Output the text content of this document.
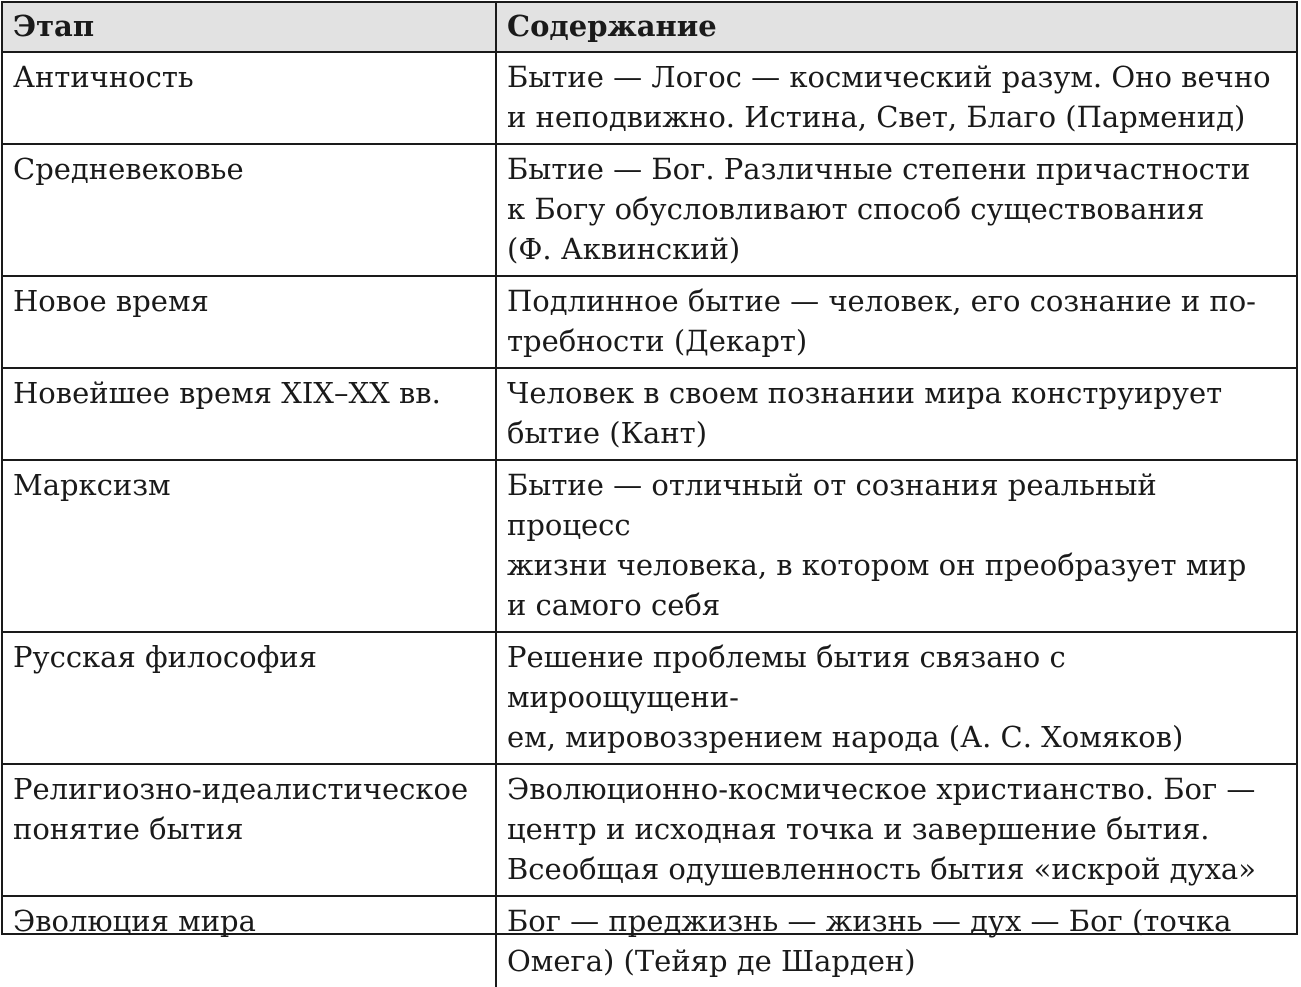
Этап	Содержание
Античность	Бытие — Логос — космический разум. Оно вечно
и неподвижно. Истина, Свет, Благо (Парменид)
Средневековье	Бытие — Бог. Различные степени причастности
к Богу обусловливают способ существования
(Ф. Аквинский)
Новое время	Подлинное бытие — человек, его сознание и по-
требности (Декарт)
Новейшее время XIX–XX вв.	Человек в своем познании мира конструирует
бытие (Кант)
Марксизм	Бытие — отличный от сознания реальный процесс
жизни человека, в котором он преобразует мир
и самого себя
Русская философия	Решение проблемы бытия связано с мироощущени-
ем, мировоззрением народа (А. С. Хомяков)
Религиозно-идеалистическое
понятие бытия	Эволюционно-космическое христианство. Бог —
центр и исходная точка и завершение бытия.
Всеобщая одушевленность бытия «искрой духа»
Эволюция мира	Бог — преджизнь — жизнь — дух — Бог (точка
Омега) (Тейяр де Шарден)
